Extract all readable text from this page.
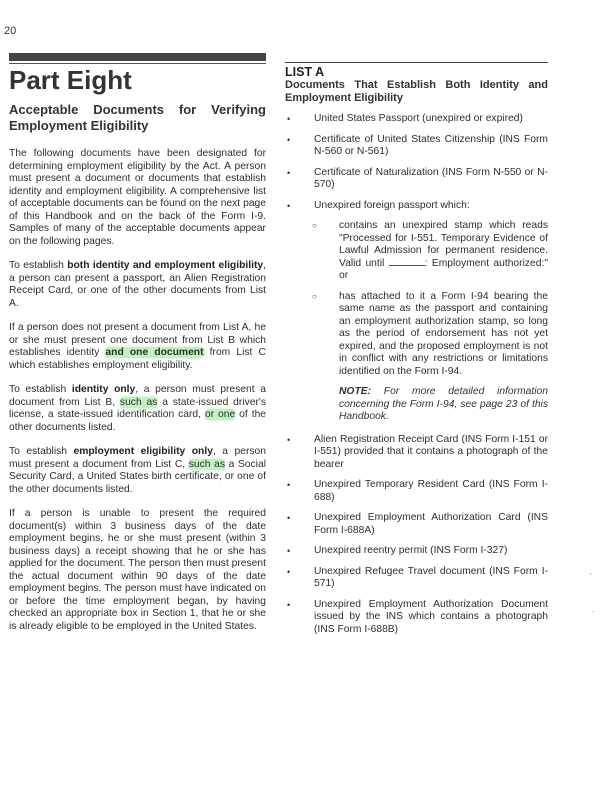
20
Part Eight
Acceptable Documents for Verifying Employment Eligibility

The following documents have been designated for determining employment eligibility by the Act. A person must present a document or documents that establish identity and employment eligibility. A comprehensive list of acceptable documents can be found on the next page of this Handbook and on the back of the Form I-9. Samples of many of the acceptable documents appear on the following pages.

To establish both identity and employment eligibility, a person can present a passport, an Alien Registration Receipt Card, or one of the other documents from List A.

If a person does not present a document from List A, he or she must present one document from List B which establishes identity and one document from List C which establishes employment eligibility.

To establish identity only, a person must present a document from List B, such as a state-issued driver's license, a state-issued identification card, or one of the other documents listed.

To establish employment eligibility only, a person must present a document from List C, such as a Social Security Card, a United States birth certificate, or one of the other documents listed.

If a person is unable to present the required document(s) within 3 business days of the date employment begins, he or she must present (within 3 business days) a receipt showing that he or she has applied for the document. The person then must present the actual document within 90 days of the date employment begins. The person must have indicated on or before the time employment began, by having checked an appropriate box in Section 1, that he or she is already eligible to be employed in the United States.

LIST A
Documents That Establish Both Identity and Employment Eligibility
•	United States Passport (unexpired or expired)
•	Certificate of United States Citizenship (INS Form N-560 or N-561)
•	Certificate of Naturalization (INS Form N-550 or N-570)
•	Unexpired foreign passport which:
○	contains an unexpired stamp which reads "Processed for I-551. Temporary Evidence of Lawful Admission for permanent residence. Valid until	: Employment authorized:" or
○	has attached to it a Form I-94 bearing the same name as the passport and containing an employment authorization stamp, so long as the period of endorsement has not yet expired, and the proposed employment is not in conflict with any restrictions or limitations identified on the Form I-94.
NOTE: For more detailed information concerning the Form I-94, see page 23 of this Handbook.
•	Alien Registration Receipt Card (INS Form I-151 or I-551) provided that it contains a photograph of the bearer
•	Unexpired Temporary Resident Card (INS Form I-688)
•	Unexpired Employment Authorization Card (INS Form I-688A)
•	Unexpired reentry permit (INS Form I-327)
•	Unexpired Refugee Travel document (INS Form I-571)
•	Unexpired Employment Authorization Document issued by the INS which contains a photograph (INS Form I-688B)
'
.
